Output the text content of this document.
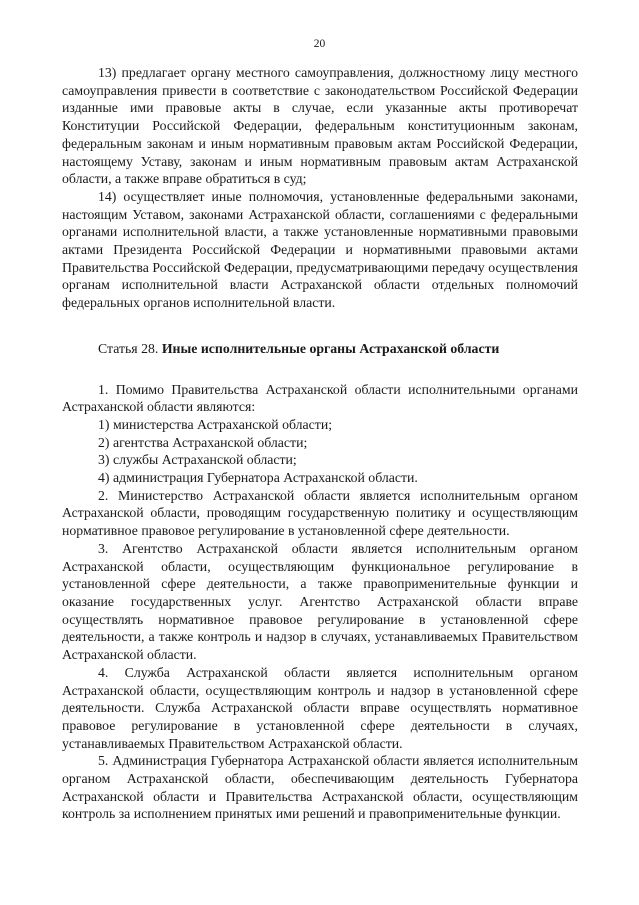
20

13) предлагает органу местного самоуправления, должностному лицу местного самоуправления привести в соответствие с законодательством Российской Федерации изданные ими правовые акты в случае, если указанные акты противоречат Конституции Российской Федерации, федеральным конституционным законам, федеральным законам и иным нормативным правовым актам Российской Федерации, настоящему Уставу, законам и иным нормативным правовым актам Астраханской области, а также вправе обратиться в суд;

14) осуществляет иные полномочия, установленные федеральными законами, настоящим Уставом, законами Астраханской области, соглашениями с федеральными органами исполнительной власти, а также установленные нормативными правовыми актами Президента Российской Федерации и нормативными правовыми актами Правительства Российской Федерации, предусматривающими передачу осуществления органам исполнительной власти Астраханской области отдельных полномочий федеральных органов исполнительной власти.

Статья 28. Иные исполнительные органы Астраханской области

1. Помимо Правительства Астраханской области исполнительными органами Астраханской области являются:

1) министерства Астраханской области;

2) агентства Астраханской области;

3) службы Астраханской области;

4) администрация Губернатора Астраханской области.

2. Министерство Астраханской области является исполнительным органом Астраханской области, проводящим государственную политику и осуществляющим нормативное правовое регулирование в установленной сфере деятельности.

3. Агентство Астраханской области является исполнительным органом Астраханской области, осуществляющим функциональное регулирование в установленной сфере деятельности, а также правоприменительные функции и оказание государственных услуг. Агентство Астраханской области вправе осуществлять нормативное правовое регулирование в установленной сфере деятельности, а также контроль и надзор в случаях, устанавливаемых Правительством Астраханской области.

4. Служба Астраханской области является исполнительным органом Астраханской области, осуществляющим контроль и надзор в установленной сфере деятельности. Служба Астраханской области вправе осуществлять нормативное правовое регулирование в установленной сфере деятельности в случаях, устанавливаемых Правительством Астраханской области.

5. Администрация Губернатора Астраханской области является исполнительным органом Астраханской области, обеспечивающим деятельность Губернатора Астраханской области и Правительства Астраханской области, осуществляющим контроль за исполнением принятых ими решений и правоприменительные функции.
